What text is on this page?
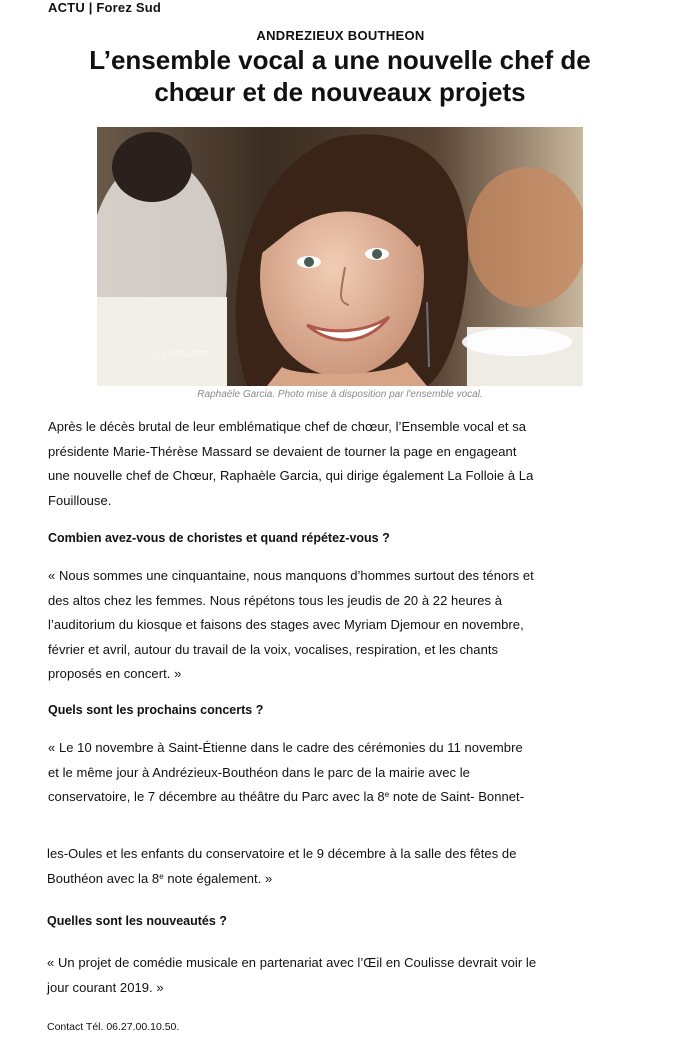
ACTU | Forez Sud
ANDREZIEUX BOUTHEON
L’ensemble vocal a une nouvelle chef de
chœur et de nouveaux projets
LE PROGRÈS
Raphaële Garcia. Photo mise à disposition par l'ensemble vocal.
Après le décès brutal de leur emblématique chef de chœur, l’Ensemble vocal et sa
présidente Marie-Thérèse Massard se devaient de tourner la page en engageant
une nouvelle chef de Chœur, Raphaèle Garcia, qui dirige également La Folloie à La
Fouillouse.
Combien avez-vous de choristes et quand répétez-vous ?
« Nous sommes une cinquantaine, nous manquons d’hommes surtout des ténors et
des altos chez les femmes. Nous répétons tous les jeudis de 20 à 22 heures à
l’auditorium du kiosque et faisons des stages avec Myriam Djemour en novembre,
février et avril, autour du travail de la voix, vocalises, respiration, et les chants
proposés en concert. »
Quels sont les prochains concerts ?
« Le 10 novembre à Saint-Étienne dans le cadre des cérémonies du 11 novembre
et le même jour à Andrézieux-Bouthéon dans le parc de la mairie avec le
conservatoire, le 7 décembre au théâtre du Parc avec la 8e note de Saint- Bonnet-
les-Oules et les enfants du conservatoire et le 9 décembre à la salle des fêtes de
Bouthéon avec la 8e note également. »
Quelles sont les nouveautés ?
« Un projet de comédie musicale en partenariat avec l’Œil en Coulisse devrait voir le
jour courant 2019. »
Contact Tél. 06.27.00.10.50.
